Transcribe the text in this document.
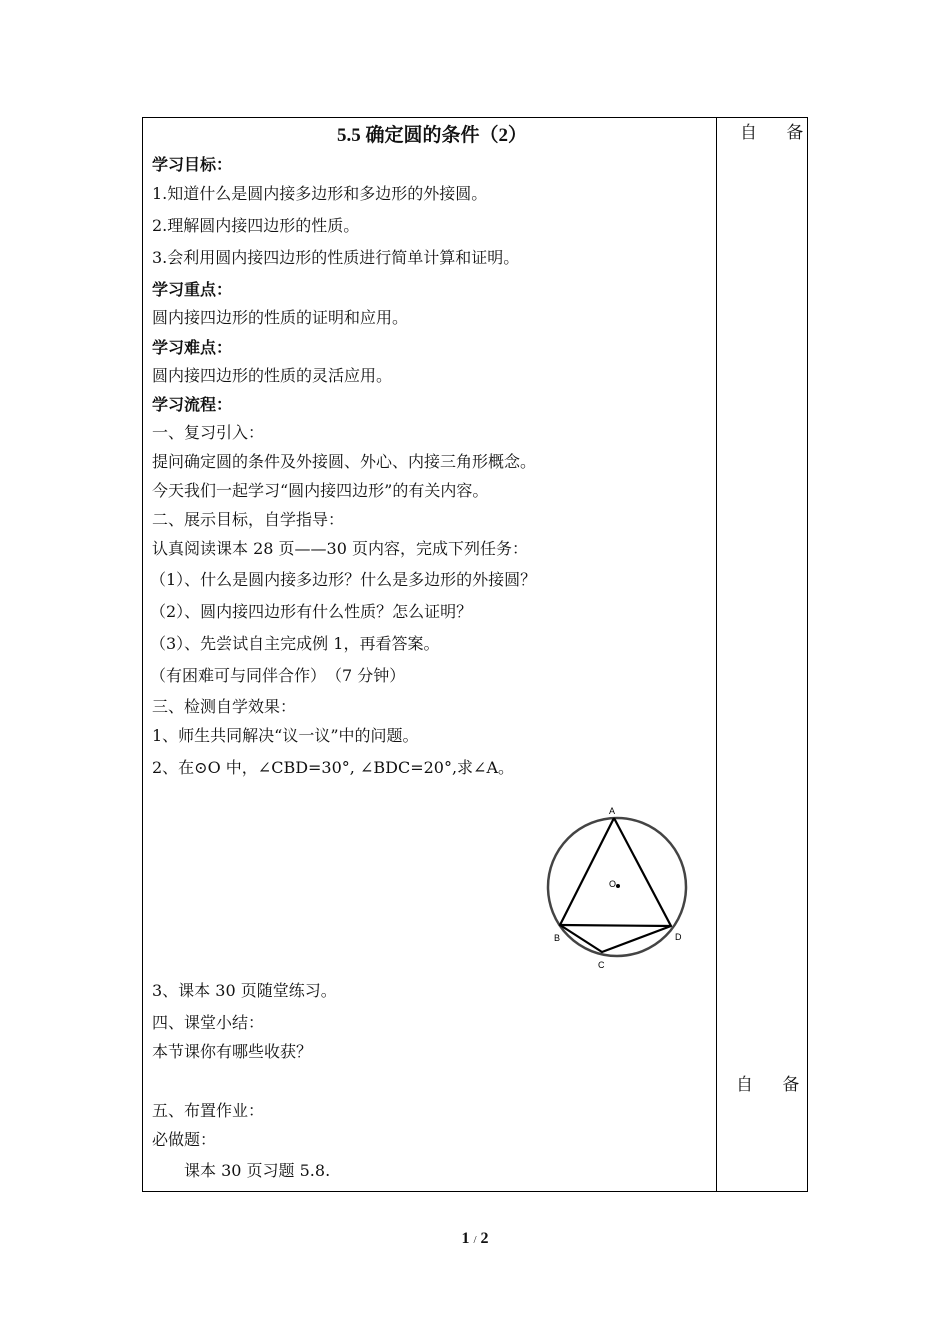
自 备
自 备
5.5 确定圆的条件（2）
学习目标：
1.知道什么是圆内接多边形和多边形的外接圆。
2.理解圆内接四边形的性质。
3.会利用圆内接四边形的性质进行简单计算和证明。
学习重点：
圆内接四边形的性质的证明和应用。
学习难点：
圆内接四边形的性质的灵活应用。
学习流程：
一、复习引入：
提问确定圆的条件及外接圆、外心、内接三角形概念。
今天我们一起学习“圆内接四边形”的有关内容。
二、展示目标，自学指导：
认真阅读课本 28 页——30 页内容，完成下列任务：
（1）、什么是圆内接多边形？什么是多边形的外接圆？
（2）、圆内接四边形有什么性质？怎么证明？
（3）、先尝试自主完成例 1，再看答案。
（有困难可与同伴合作）　（7 分钟）
三、检测自学效果：
1、师生共同解决“议一议”中的问题。
2、在⊙O 中，∠CBD=30°, ∠BDC=20°,求∠A。
3、课本 30 页随堂练习。
四、课堂小结：
本节课你有哪些收获？
五、布置作业：
必做题：
　　课本 30 页习题 5.8.
A
B
C
D
O
1 / 2
